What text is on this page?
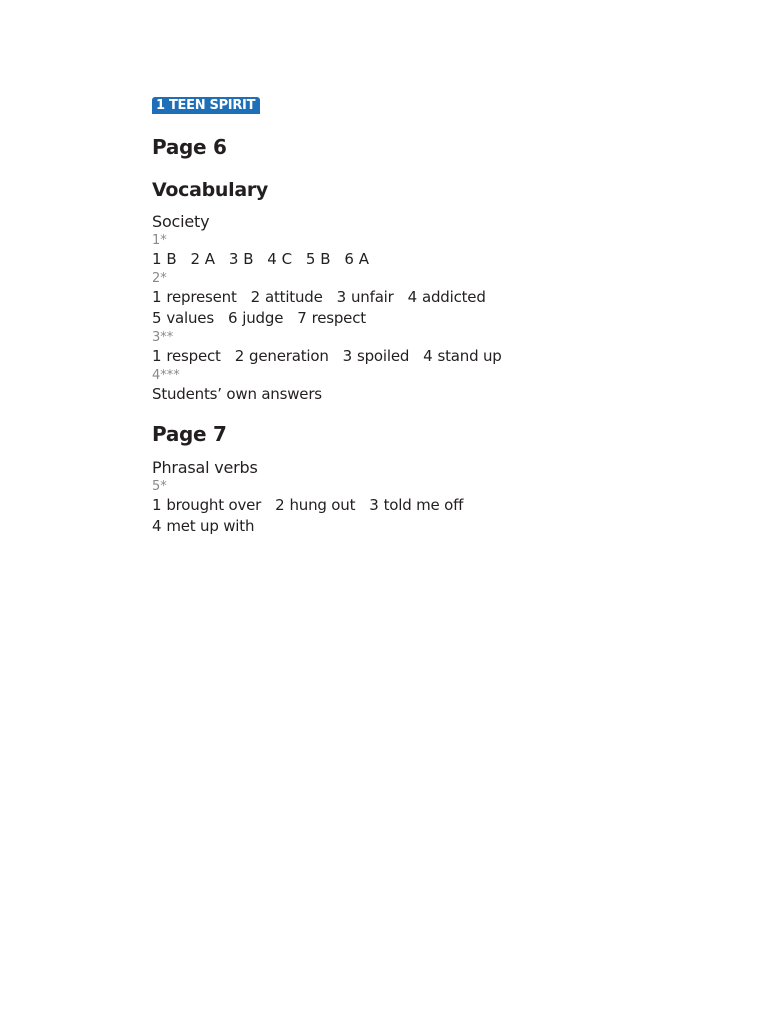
1 TEEN SPIRIT
Page 6
Vocabulary
Society

1*

1 B 2 A 3 B 4 C 5 B 6 A

2*

1 represent 2 attitude 3 unfair 4 addicted

5 values 6 judge 7 respect

3**

1 respect 2 generation 3 spoiled 4 stand up

4***

Students’ own answers

Page 7
Phrasal verbs

5*

1 brought over 2 hung out 3 told me off

4 met up with
